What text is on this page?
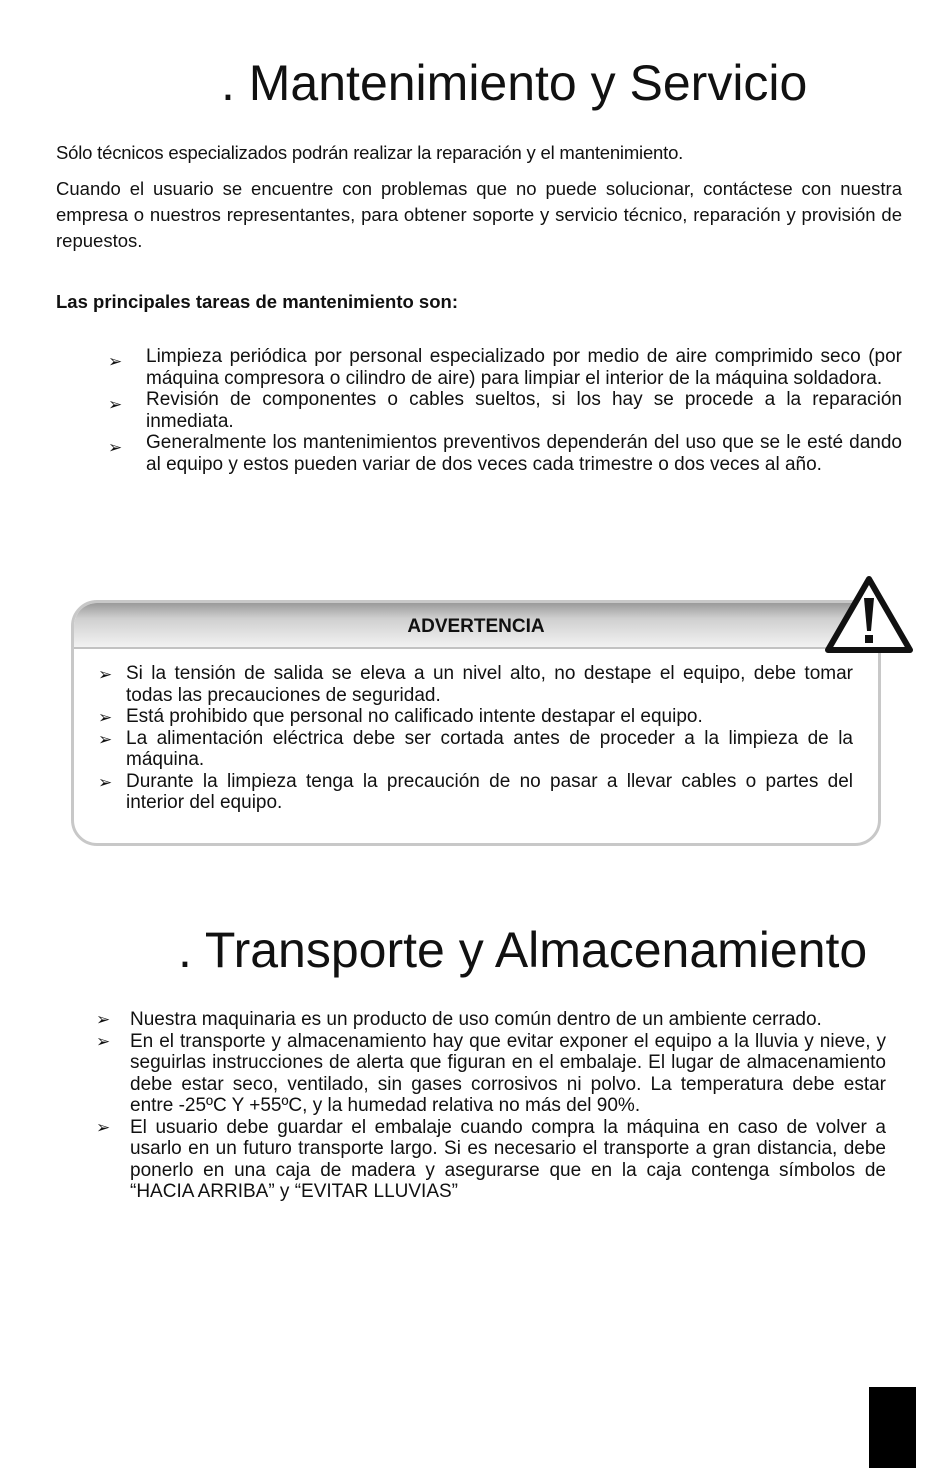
. Mantenimiento y Servicio

Sólo técnicos especializados podrán realizar la reparación y el mantenimiento.

Cuando el usuario se encuentre con problemas que no puede solucionar, contáctese con nuestra empresa o nuestros representantes, para obtener soporte y servicio técnico, reparación y provisión de repuestos.

Las principales tareas de mantenimiento son:

➢ Limpieza periódica por personal especializado por medio de aire comprimido seco (por máquina compresora o cilindro de aire) para limpiar el interior de la máquina soldadora.
➢ Revisión de componentes o cables sueltos, si los hay se procede a la reparación inmediata.
➢ Generalmente los mantenimientos preventivos dependerán del uso que se le esté dando al equipo y estos pueden variar de dos veces cada trimestre o dos veces al año.
ADVERTENCIA
➢ Si la tensión de salida se eleva a un nivel alto, no destape el equipo, debe tomar todas las precauciones de seguridad.
➢ Está prohibido que personal no calificado intente destapar el equipo.
➢ La alimentación eléctrica debe ser cortada antes de proceder a la limpieza de la máquina.
➢ Durante la limpieza tenga la precaución de no pasar a llevar cables o partes del interior del equipo.
. Transporte y Almacenamiento
➢ Nuestra maquinaria es un producto de uso común dentro de un ambiente cerrado.
➢ En el transporte y almacenamiento hay que evitar exponer el equipo a la lluvia y nieve, y seguirlas instrucciones de alerta que figuran en el embalaje. El lugar de almacenamiento debe estar seco, ventilado, sin gases corrosivos ni polvo. La temperatura debe estar entre -25ºC Y +55ºC, y la humedad relativa no más del 90%.
➢ El usuario debe guardar el embalaje cuando compra la máquina en caso de volver a usarlo en un futuro transporte largo. Si es necesario el transporte a gran distancia, debe ponerlo en una caja de madera y asegurarse que en la caja contenga símbolos de “HACIA ARRIBA” y “EVITAR LLUVIAS”
